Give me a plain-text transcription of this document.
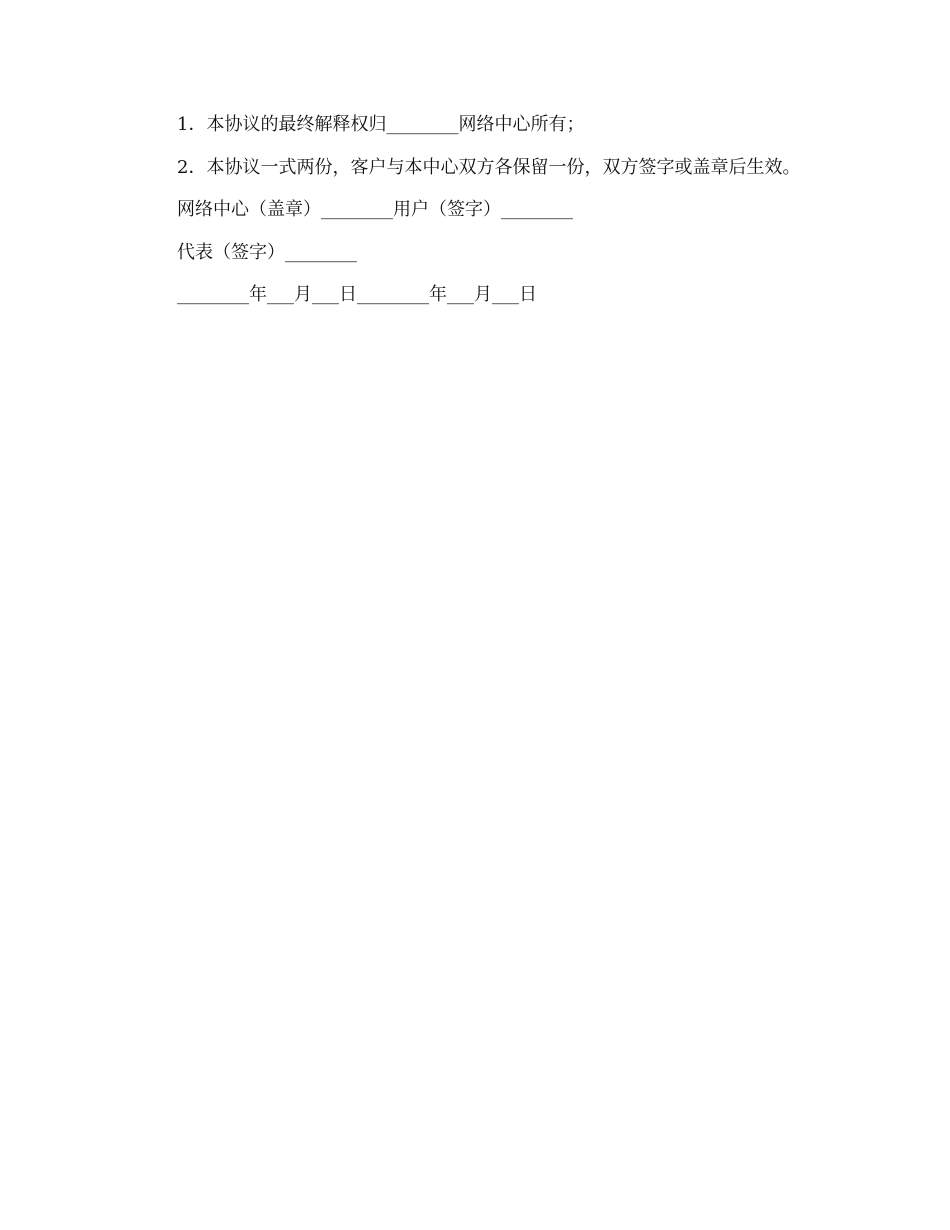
1．本协议的最终解释权归________网络中心所有；

2．本协议一式两份，客户与本中心双方各保留一份，双方签字或盖章后生效。

网络中心（盖章）________用户（签字）________

代表（签字）________

________年___月___日________年___月___日
